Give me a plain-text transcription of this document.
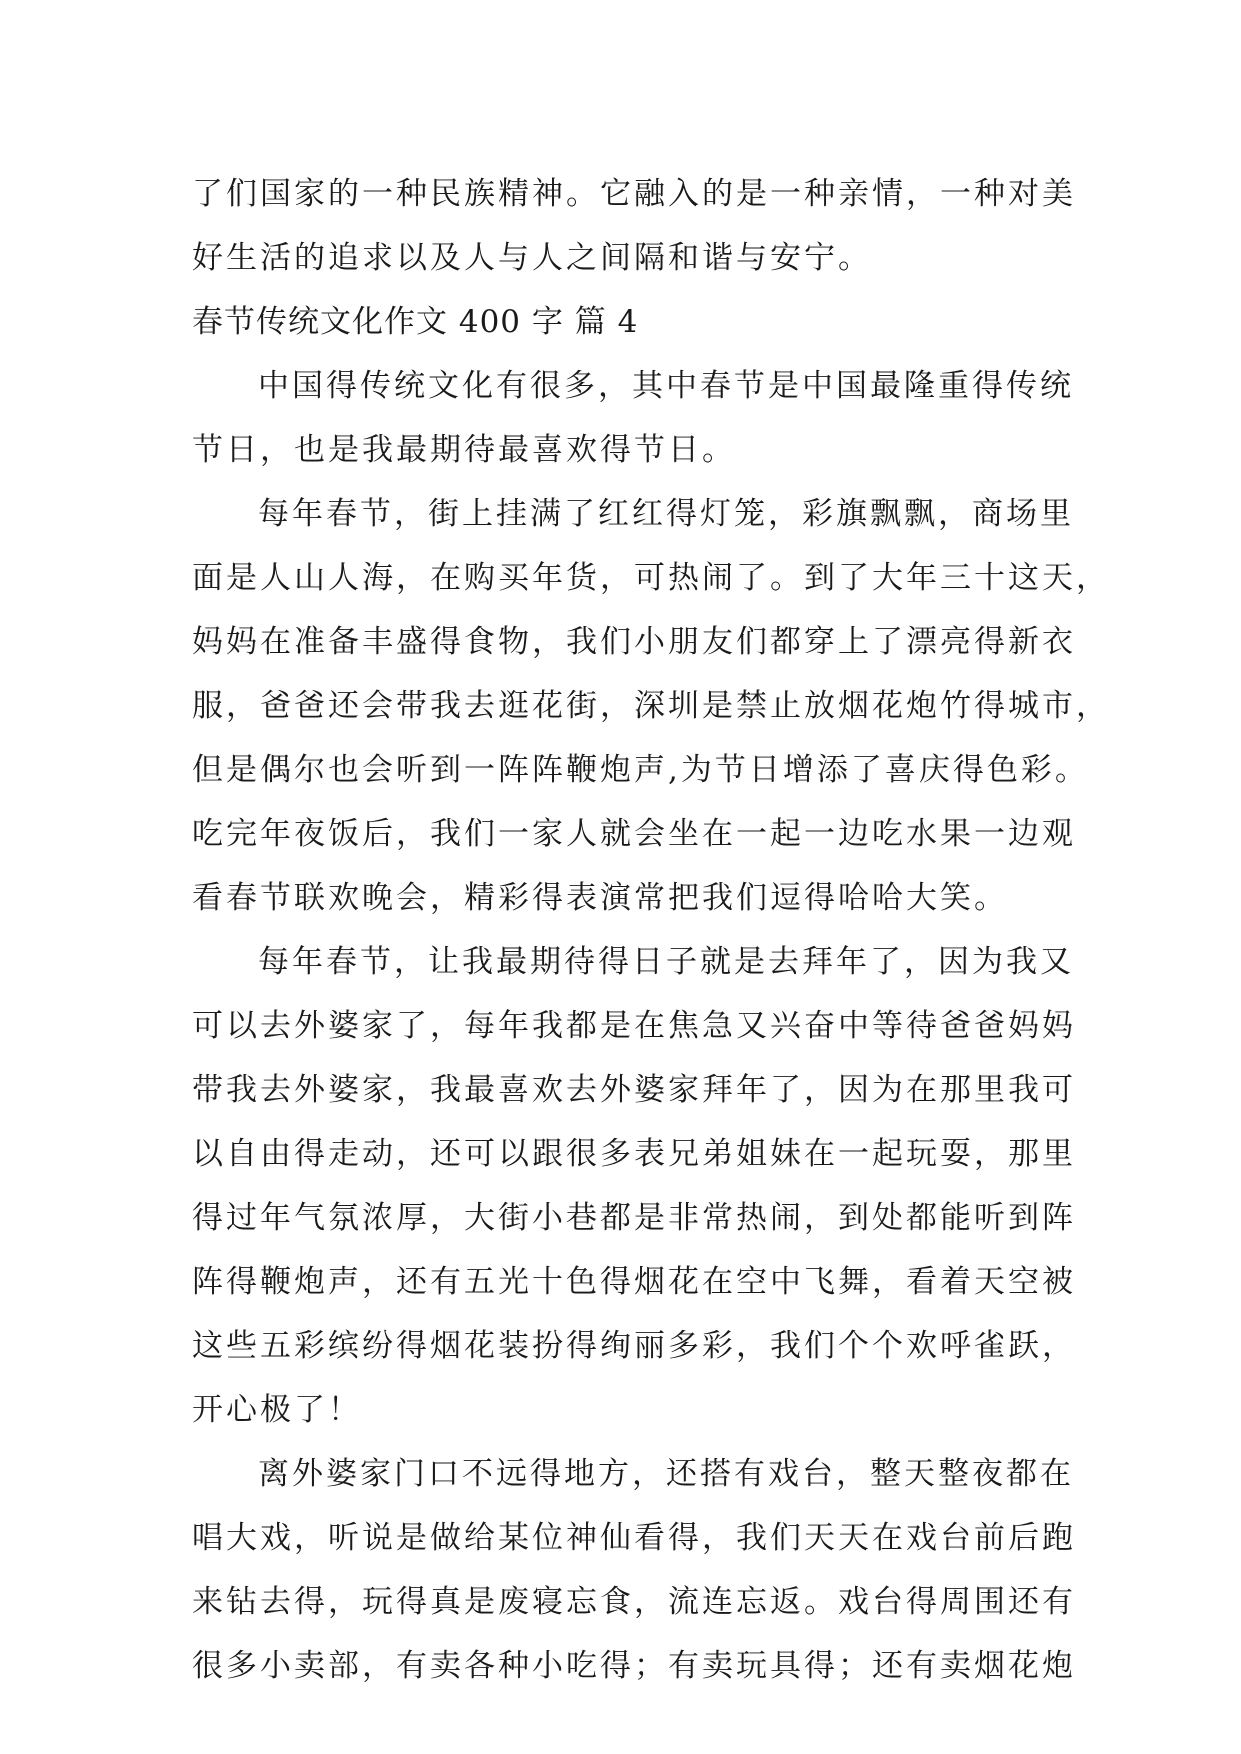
了们国家的一种民族精神。它融入的是一种亲情，一种对美
好生活的追求以及人与人之间隔和谐与安宁。
春节传统文化作文 400 字 篇 4
中国得传统文化有很多，其中春节是中国最隆重得传统
节日，也是我最期待最喜欢得节日。
每年春节，街上挂满了红红得灯笼，彩旗飘飘，商场里
面是人山人海，在购买年货，可热闹了。到了大年三十这天，
妈妈在准备丰盛得食物，我们小朋友们都穿上了漂亮得新衣
服，爸爸还会带我去逛花街，深圳是禁止放烟花炮竹得城市，
但是偶尔也会听到一阵阵鞭炮声,为节日增添了喜庆得色彩。
吃完年夜饭后，我们一家人就会坐在一起一边吃水果一边观
看春节联欢晚会，精彩得表演常把我们逗得哈哈大笑。
每年春节，让我最期待得日子就是去拜年了，因为我又
可以去外婆家了，每年我都是在焦急又兴奋中等待爸爸妈妈
带我去外婆家，我最喜欢去外婆家拜年了，因为在那里我可
以自由得走动，还可以跟很多表兄弟姐妹在一起玩耍，那里
得过年气氛浓厚，大街小巷都是非常热闹，到处都能听到阵
阵得鞭炮声，还有五光十色得烟花在空中飞舞，看着天空被
这些五彩缤纷得烟花装扮得绚丽多彩，我们个个欢呼雀跃，
开心极了！
离外婆家门口不远得地方，还搭有戏台，整天整夜都在
唱大戏，听说是做给某位神仙看得，我们天天在戏台前后跑
来钻去得，玩得真是废寝忘食，流连忘返。戏台得周围还有
很多小卖部，有卖各种小吃得；有卖玩具得；还有卖烟花炮
